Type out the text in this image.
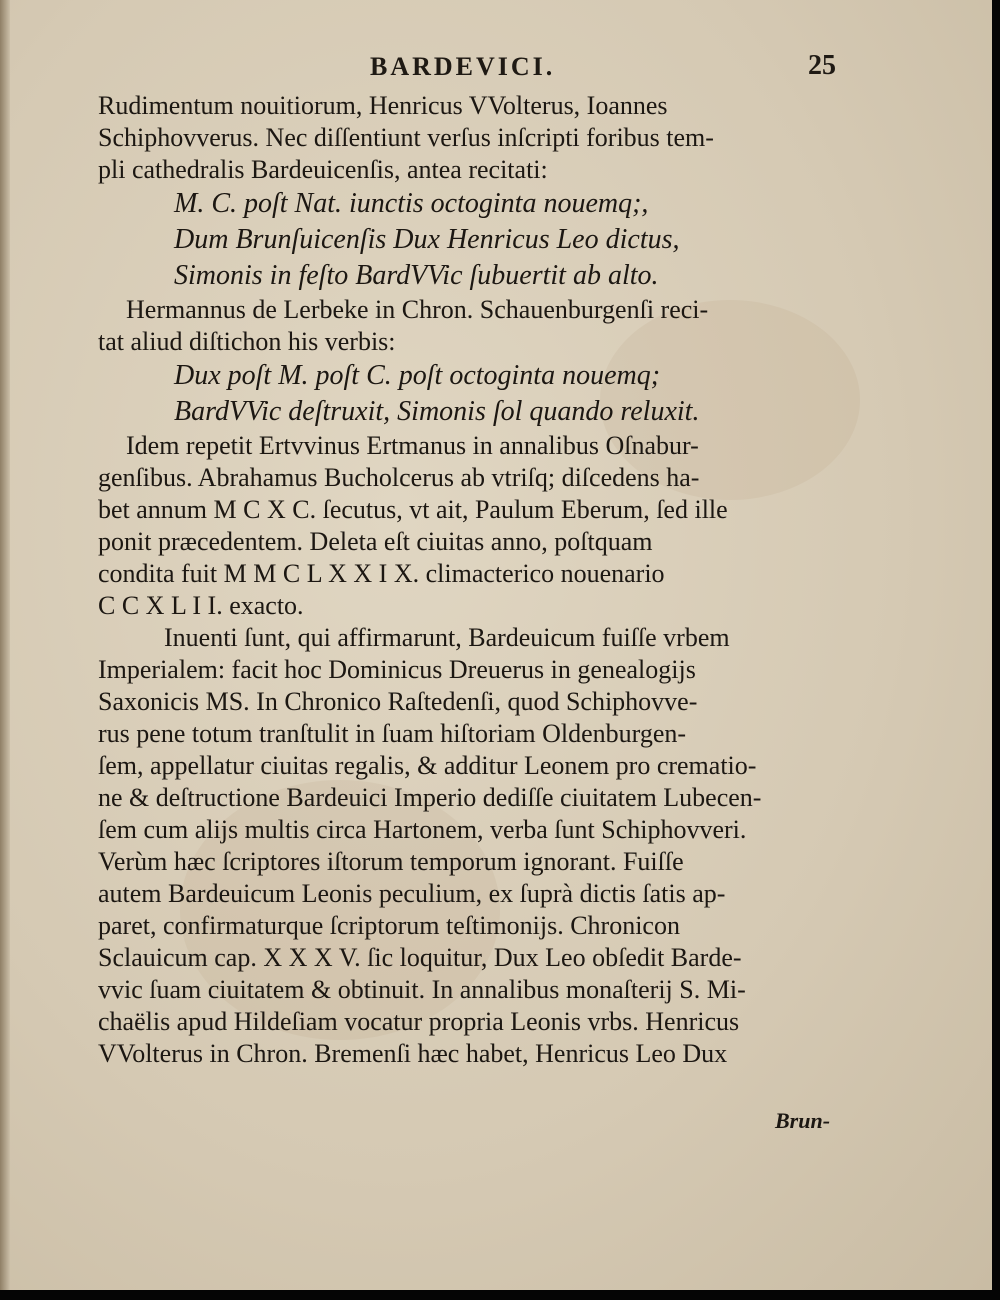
BARDEVICI.	25
Rudimentum nouitiorum, Henricus VVolterus, Ioannes
Schiphovverus. Nec diſſentiunt verſus inſcripti foribus tem-
pli cathedralis Bardeuicenſis, antea recitati:
M. C. poſt Nat. iunctis octoginta nouemq;,
Dum Brunſuicenſis Dux Henricus Leo dictus,
Simonis in feſto BardVVic ſubuertit ab alto.
Hermannus de Lerbeke in Chron. Schauenburgenſi reci-
tat aliud diſtichon his verbis:
Dux poſt M. poſt C. poſt octoginta nouemq;
BardVVic deſtruxit, Simonis ſol quando reluxit.
Idem repetit Ertvvinus Ertmanus in annalibus Oſnabur-
genſibus. Abrahamus Bucholcerus ab vtriſq; diſcedens ha-
bet annum M C X C. ſecutus, vt ait, Paulum Eberum, ſed ille
ponit præcedentem. Deleta eſt ciuitas anno, poſtquam
condita fuit M M C L X X I X. climacterico nouenario
C C X L I I. exacto.
Inuenti ſunt, qui affirmarunt, Bardeuicum fuiſſe vrbem
Imperialem: facit hoc Dominicus Dreuerus in genealogijs
Saxonicis MS. In Chronico Raſtedenſi, quod Schiphovve-
rus pene totum tranſtulit in ſuam hiſtoriam Oldenburgen-
ſem, appellatur ciuitas regalis, & additur Leonem pro crematio-
ne & deſtructione Bardeuici Imperio dediſſe ciuitatem Lubecen-
ſem cum alijs multis circa Hartonem, verba ſunt Schiphovveri.
Verùm hæc ſcriptores iſtorum temporum ignorant. Fuiſſe
autem Bardeuicum Leonis peculium, ex ſuprà dictis ſatis ap-
paret, confirmaturque ſcriptorum teſtimonijs. Chronicon
Sclauicum cap. X X X V. ſic loquitur, Dux Leo obſedit Barde-
vvic ſuam ciuitatem & obtinuit. In annalibus monaſterij S. Mi-
chaëlis apud Hildeſiam vocatur propria Leonis vrbs. Henricus
VVolterus in Chron. Bremenſi hæc habet, Henricus Leo Dux
Brun-
